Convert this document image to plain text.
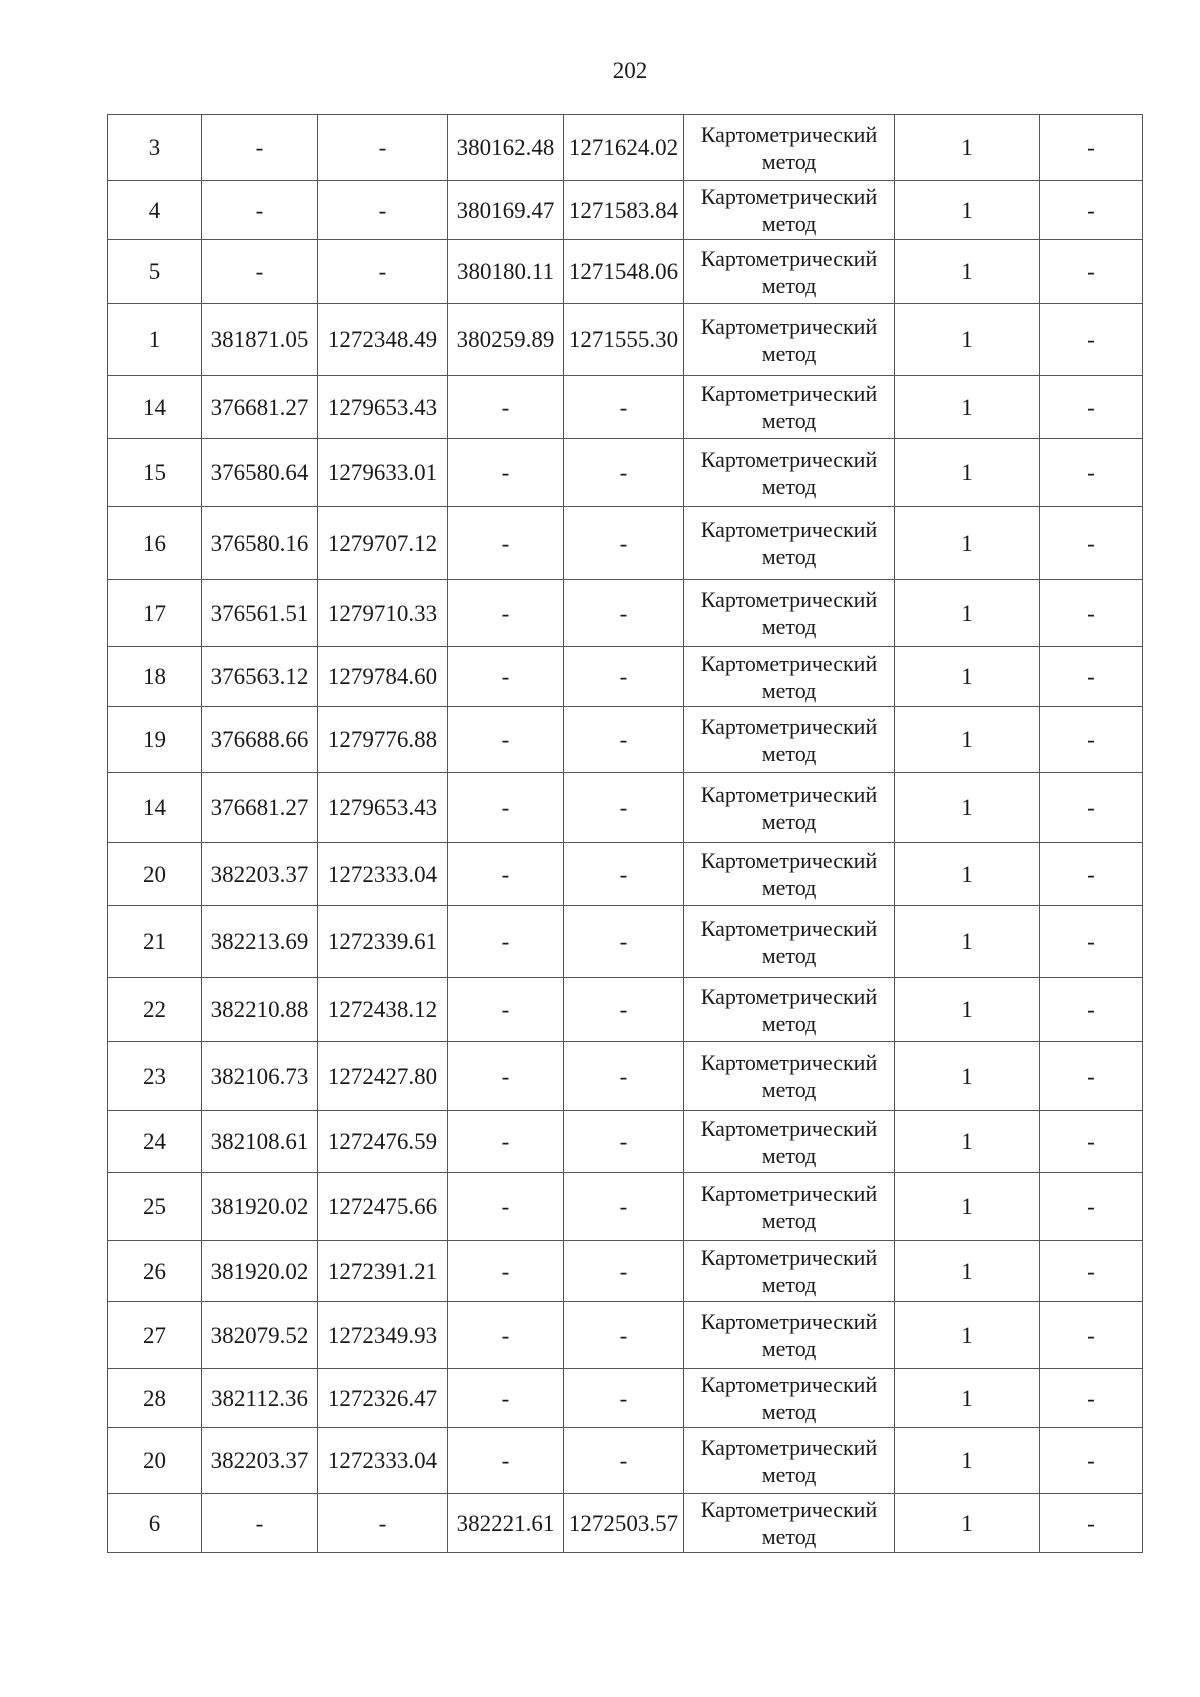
202
3	-	-	380162.48	1271624.02	Картометрический
метод	1	-
4	-	-	380169.47	1271583.84	Картометрический
метод	1	-
5	-	-	380180.11	1271548.06	Картометрический
метод	1	-
1	381871.05	1272348.49	380259.89	1271555.30	Картометрический
метод	1	-
14	376681.27	1279653.43	-	-	Картометрический
метод	1	-
15	376580.64	1279633.01	-	-	Картометрический
метод	1	-
16	376580.16	1279707.12	-	-	Картометрический
метод	1	-
17	376561.51	1279710.33	-	-	Картометрический
метод	1	-
18	376563.12	1279784.60	-	-	Картометрический
метод	1	-
19	376688.66	1279776.88	-	-	Картометрический
метод	1	-
14	376681.27	1279653.43	-	-	Картометрический
метод	1	-
20	382203.37	1272333.04	-	-	Картометрический
метод	1	-
21	382213.69	1272339.61	-	-	Картометрический
метод	1	-
22	382210.88	1272438.12	-	-	Картометрический
метод	1	-
23	382106.73	1272427.80	-	-	Картометрический
метод	1	-
24	382108.61	1272476.59	-	-	Картометрический
метод	1	-
25	381920.02	1272475.66	-	-	Картометрический
метод	1	-
26	381920.02	1272391.21	-	-	Картометрический
метод	1	-
27	382079.52	1272349.93	-	-	Картометрический
метод	1	-
28	382112.36	1272326.47	-	-	Картометрический
метод	1	-
20	382203.37	1272333.04	-	-	Картометрический
метод	1	-
6	-	-	382221.61	1272503.57	Картометрический
метод	1	-
